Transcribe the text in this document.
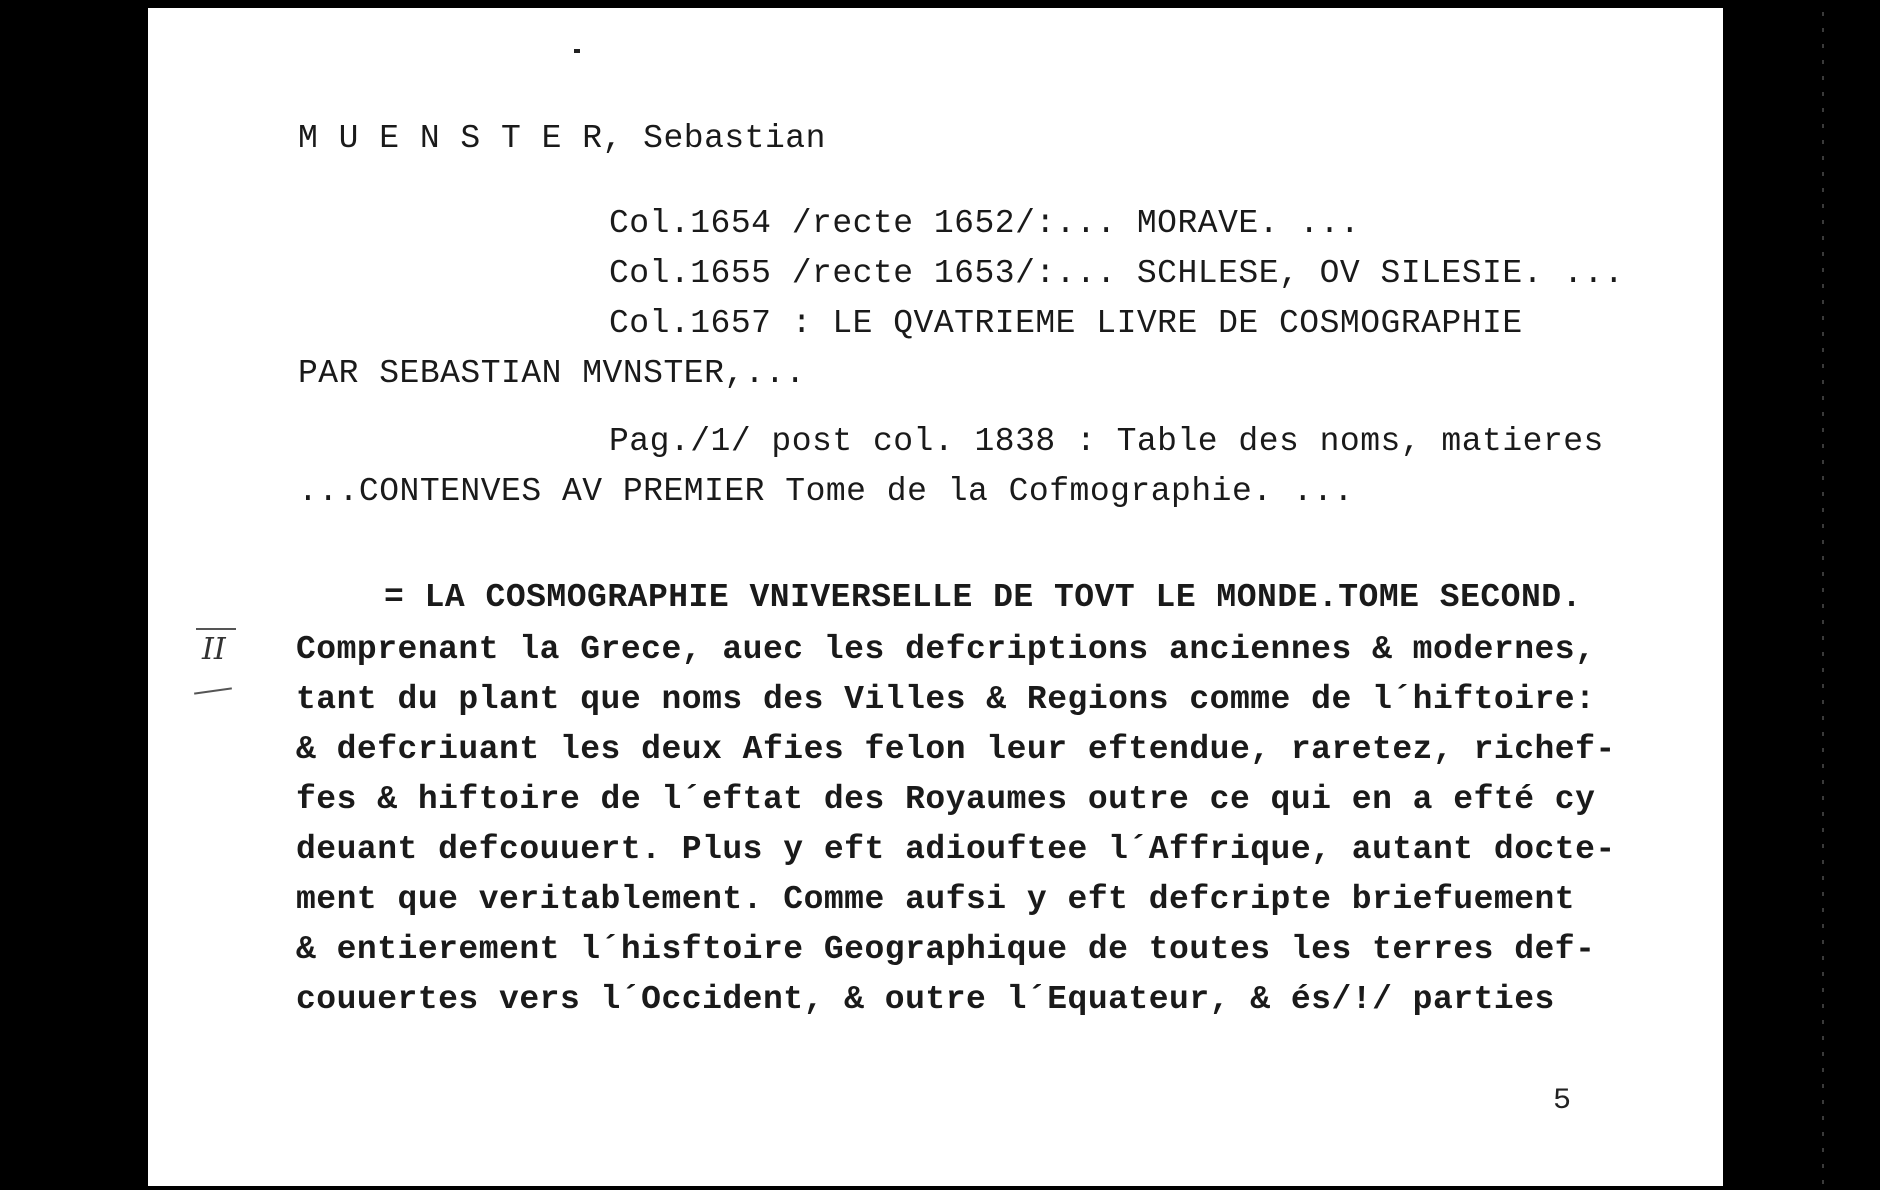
M U E N S T E R, Sebastian
Col.1654 /recte 1652/:... MORAVE. ...
Col.1655 /recte 1653/:... SCHLESE, OV SILESIE. ...
Col.1657 : LE QVATRIEME LIVRE DE COSMOGRAPHIE
PAR SEBASTIAN MVNSTER,...
Pag./1/ post col. 1838 : Table des noms, matieres
...CONTENVES AV PREMIER Tome de la Cofmographie. ...
= LA COSMOGRAPHIE VNIVERSELLE DE TOVT LE MONDE.TOME SECOND.
II Comprenant la Grece, auec les defcriptions anciennes & modernes,
tant du plant que noms des Villes & Regions comme de l´hiftoire:
& defcriuant les deux Afies felon leur eftendue, raretez, richef-
fes & hiftoire de l´eftat des Royaumes outre ce qui en a efté cy
deuant defcouuert. Plus y eft adiouftee l´Affrique, autant docte-
ment que veritablement. Comme aufsi y eft defcripte briefuement
& entierement l´hisftoire Geographique de toutes les terres def-
couuertes vers l´Occident, & outre l´Equateur, & és/!/ parties
5
